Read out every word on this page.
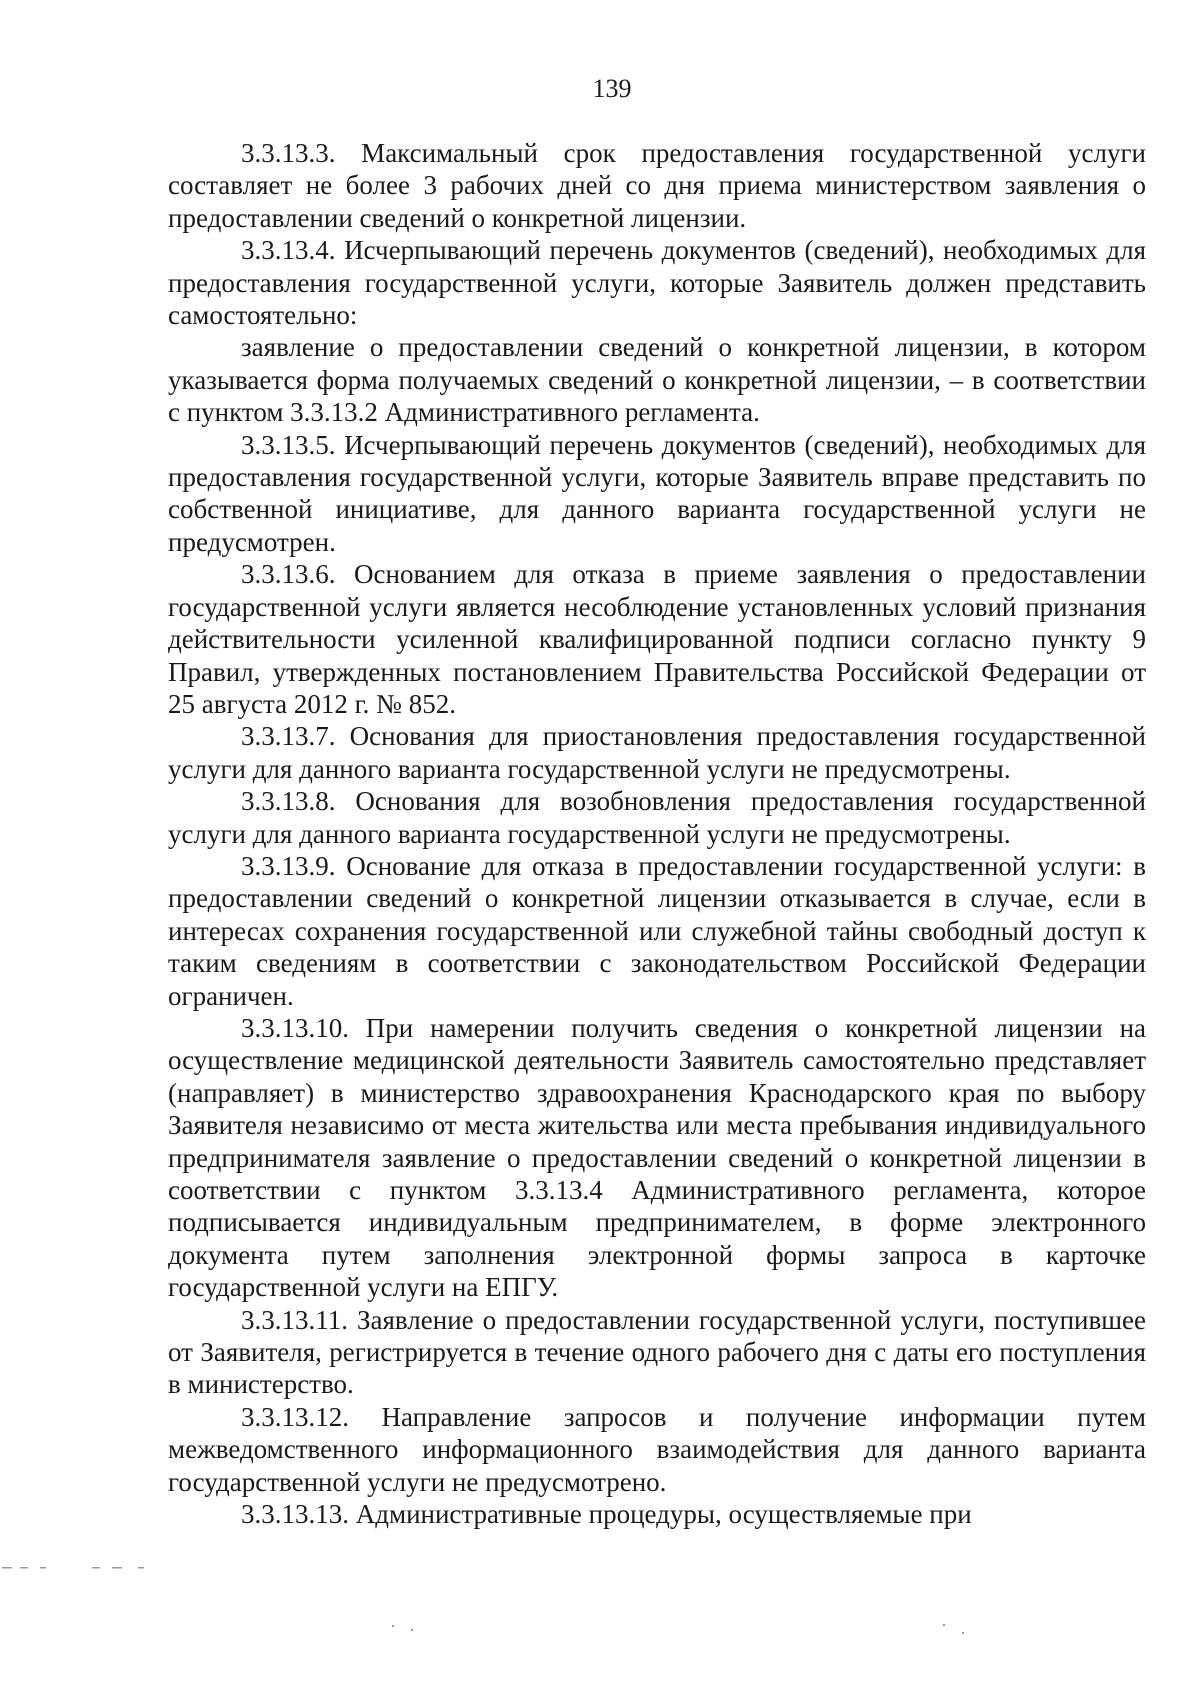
139

3.3.13.3. Максимальный срок предоставления государственной услуги составляет не более 3 рабочих дней со дня приема министерством заявления о предоставлении сведений о конкретной лицензии.

3.3.13.4. Исчерпывающий перечень документов (сведений), необходимых для предоставления государственной услуги, которые Заявитель должен представить самостоятельно:

заявление о предоставлении сведений о конкретной лицензии, в котором указывается форма получаемых сведений о конкретной лицензии, – в соответствии с пунктом 3.3.13.2 Административного регламента.

3.3.13.5. Исчерпывающий перечень документов (сведений), необходимых для предоставления государственной услуги, которые Заявитель вправе представить по собственной инициативе, для данного варианта государственной услуги не предусмотрен.

3.3.13.6. Основанием для отказа в приеме заявления о предоставлении государственной услуги является несоблюдение установленных условий признания действительности усиленной квалифицированной подписи согласно пункту 9 Правил, утвержденных постановлением Правительства Российской Федерации от 25 августа 2012 г. № 852.

3.3.13.7. Основания для приостановления предоставления государственной услуги для данного варианта государственной услуги не предусмотрены.

3.3.13.8. Основания для возобновления предоставления государственной услуги для данного варианта государственной услуги не предусмотрены.

3.3.13.9. Основание для отказа в предоставлении государственной услуги: в предоставлении сведений о конкретной лицензии отказывается в случае, если в интересах сохранения государственной или служебной тайны свободный доступ к таким сведениям в соответствии с законодательством Российской Федерации ограничен.

3.3.13.10. При намерении получить сведения о конкретной лицензии на осуществление медицинской деятельности Заявитель самостоятельно представляет (направляет) в министерство здравоохранения Краснодарского края по выбору Заявителя независимо от места жительства или места пребывания индивидуального предпринимателя заявление о предоставлении сведений о конкретной лицензии в соответствии с пунктом 3.3.13.4 Административного регламента, которое подписывается индивидуальным предпринимателем, в форме электронного документа путем заполнения электронной формы запроса в карточке государственной услуги на ЕПГУ.

3.3.13.11. Заявление о предоставлении государственной услуги, поступившее от Заявителя, регистрируется в течение одного рабочего дня с даты его поступления в министерство.

3.3.13.12. Направление запросов и получение информации путем межведомственного информационного взаимодействия для данного варианта государственной услуги не предусмотрено.

3.3.13.13. Административные процедуры, осуществляемые при
